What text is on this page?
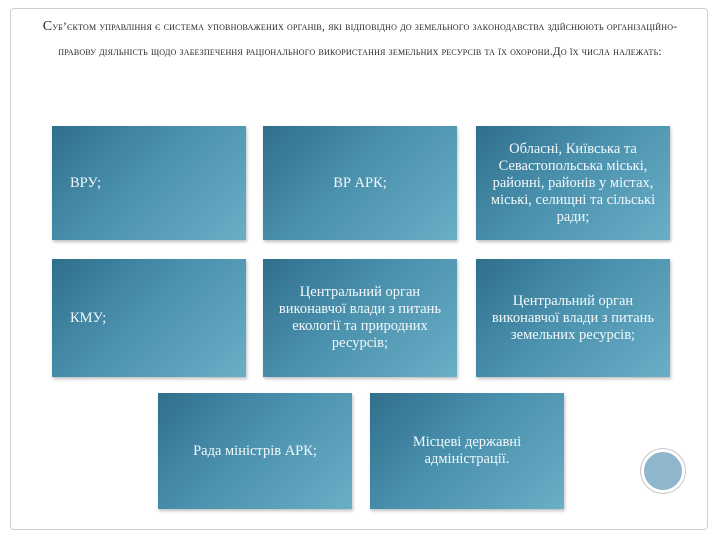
Суб’єктом управління є система уповноважених органів, які відповідно до земельного законодавства здійснюють організаційно-правову діяльність щодо забезпечення раціонального використання земельних ресурсів та їх охорони.До їх числа належать:
ВРУ;	ВР АРК;
Обласні, Київська та Севастопольська міські, районні, районів у містах, міські, селищні та сільські ради;
КМУ;
Центральний орган виконавчої влади з питань екології та природних ресурсів;
Центральний орган виконавчої влади з питань земельних ресурсів;
Рада міністрів АРК;
Місцеві державні адміністрації.
